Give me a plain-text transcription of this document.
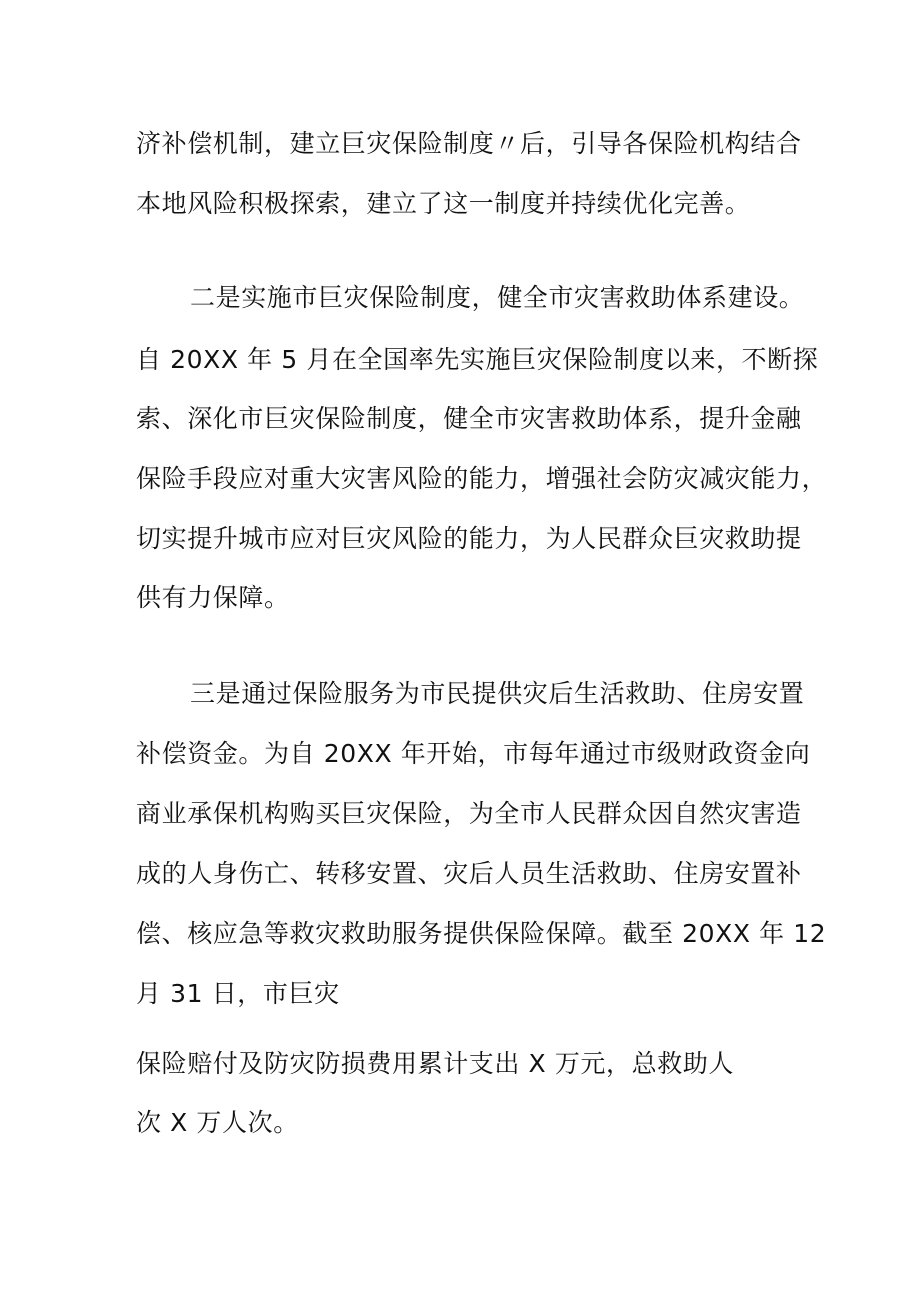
济补偿机制，建立巨灾保险制度〃后，引导各保险机构结合
本地风险积极探索，建立了这一制度并持续优化完善。
二是实施市巨灾保险制度，健全市灾害救助体系建设。
自 20XX 年 5 月在全国率先实施巨灾保险制度以来，不断探
索、深化市巨灾保险制度，健全市灾害救助体系，提升金融
保险手段应对重大灾害风险的能力，增强社会防灾减灾能力，
切实提升城市应对巨灾风险的能力，为人民群众巨灾救助提
供有力保障。
三是通过保险服务为市民提供灾后生活救助、住房安置
补偿资金。为自 20XX 年开始，市每年通过市级财政资金向
商业承保机构购买巨灾保险，为全市人民群众因自然灾害造
成的人身伤亡、转移安置、灾后人员生活救助、住房安置补
偿、核应急等救灾救助服务提供保险保障。截至 20XX 年 12
月 31 日，市巨灾
保险赔付及防灾防损费用累计支出 X 万元，总救助人
次 X 万人次。
